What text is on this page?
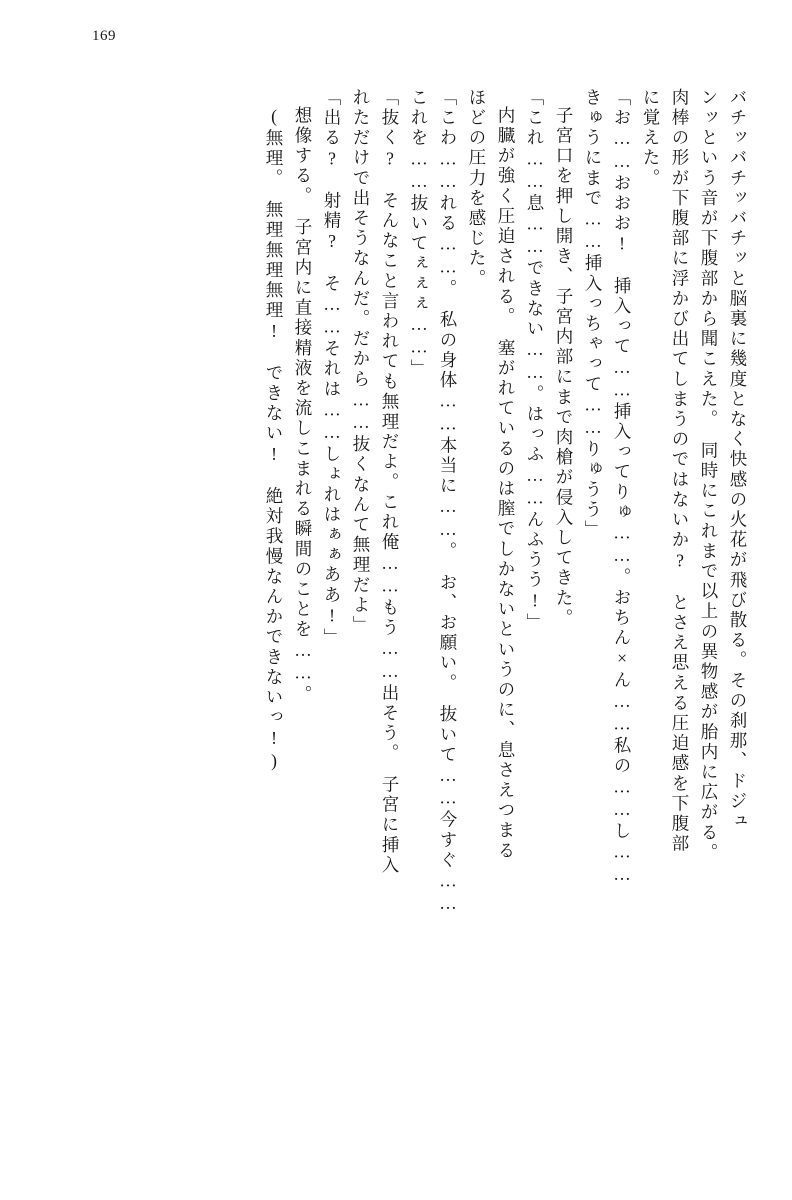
169
バチッバチッバチッと脳裏に幾度となく快感の火花が飛び散る。その刹那、ドジュ
ンッという音が下腹部から聞こえた。　同時にこれまで以上の異物感が胎内に広がる。
肉棒の形が下腹部に浮かび出てしまうのではないか?　とさえ思える圧迫感を下腹部
に覚えた。
「お……おおお!　挿入って……挿入ってりゅ……。おちん×ん……私の……し……
きゅうにまで……挿入っちゃって……りゅうう」
子宮口を押し開き、子宮内部にまで肉槍が侵入してきた。
「これ……息……できない……。はっふ……んふうう!」
内臓が強く圧迫される。　塞がれているのは膣でしかないというのに、息さえつまる
ほどの圧力を感じた。
「こわ……れる……。　私の身体……本当に……。　お、お願い。　抜いて……今すぐ……
これを……抜いてぇぇぇ……」
「抜く?　そんなこと言われても無理だよ。これ俺……もう……出そう。　子宮に挿入
れただけで出そうなんだ。だから……抜くなんて無理だよ」
「出る?　射精?　そ……それは……しょれはぁぁああ!」
想像する。　子宮内に直接精液を流しこまれる瞬間のことを……。
(無理。　無理無理無理!　できない!　絶対我慢なんかできないっ!)
